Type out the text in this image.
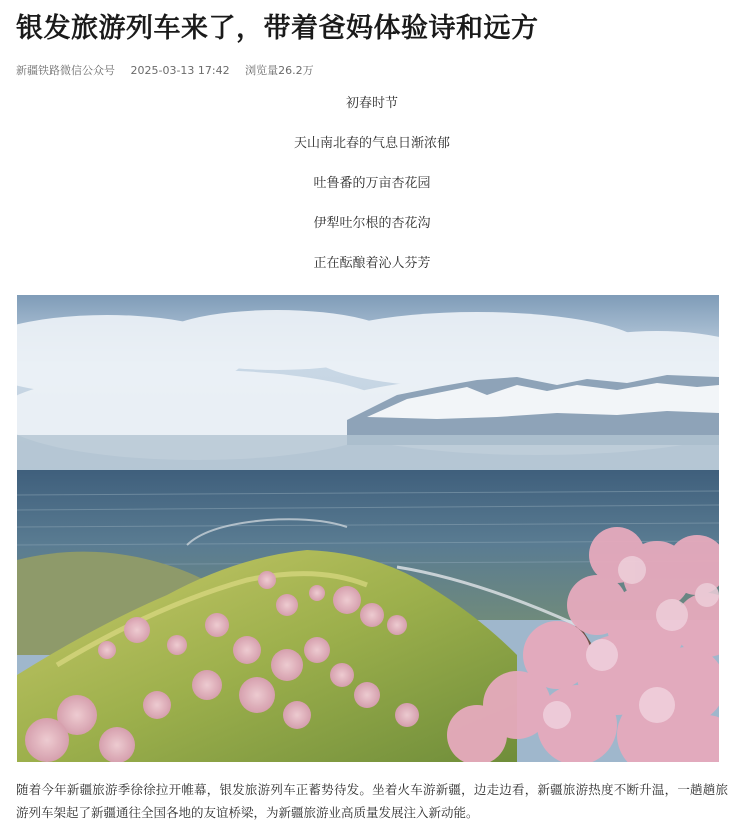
银发旅游列车来了，带着爸妈体验诗和远方
新疆铁路微信公众号 2025-03-13 17:42 浏览量26.2万

初春时节

天山南北春的气息日渐浓郁

吐鲁番的万亩杏花园

伊犁吐尔根的杏花沟

正在酝酿着沁人芬芳

随着今年新疆旅游季徐徐拉开帷幕，银发旅游列车正蓄势待发。坐着火车游新疆，边走边看，新疆旅游热度不断升温，一趟趟旅游列车架起了新疆通往全国各地的友谊桥梁，为新疆旅游业高质量发展注入新动能。
